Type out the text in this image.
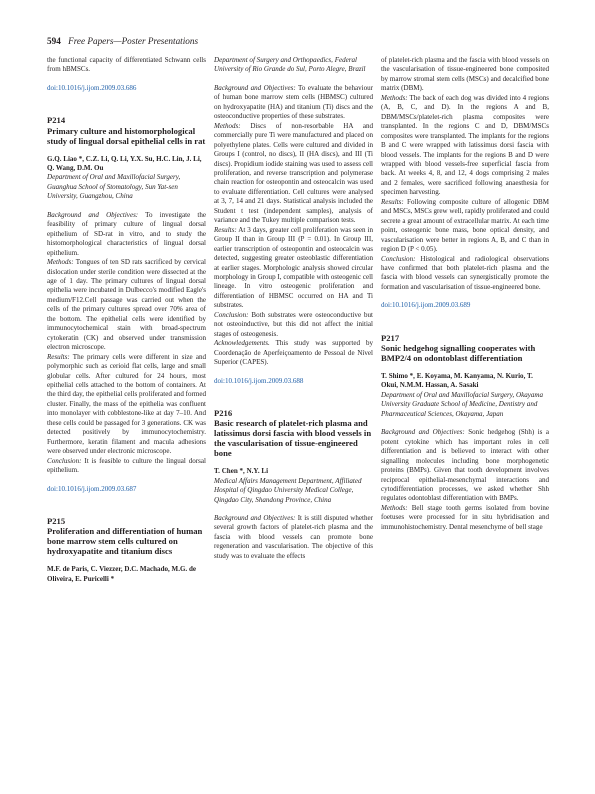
594 Free Papers—Poster Presentations

the functional capacity of differentiated Schwann cells from hBMSCs.

doi:10.1016/j.ijom.2009.03.686

P214

Primary culture and histomorphological study of lingual dorsal epithelial cells in rat

G.Q. Liao *, C.Z. Li, Q. Li, Y.X. Su, H.C. Lin, J. Li, Q. Wang, D.M. Ou

Department of Oral and Maxillofacial Surgery, Guanghua School of Stomatology, Sun Yat-sen University, Guangzhou, China

Background and Objectives: To investigate the feasibility of primary culture of lingual dorsal epithelium of SD-rat in vitro, and to study the histomorphological characteristics of lingual dorsal epithelium.

Methods: Tongues of ten SD rats sacrificed by cervical dislocation under sterile condition were dissected at the age of 1 day. The primary cultures of lingual dorsal epithelia were incubated in Dulbecco's modified Eagle's medium/F12.Cell passage was carried out when the cells of the primary cultures spread over 70% area of the bottom. The epithelial cells were identified by immunocytochemical stain with broad-spectrum cytokeratin (CK) and observed under transmission electron microscope.

Results: The primary cells were different in size and polymorphic such as cerioid flat cells, large and small globular cells. After cultured for 24 hours, most epithelial cells attached to the bottom of containers. At the third day, the epithelial cells proliferated and formed cluster. Finally, the mass of the epithelia was confluent into monolayer with cobblestone-like at day 7–10. And these cells could be passaged for 3 generations. CK was detected positively by immunocytochemistry. Furthermore, keratin filament and macula adhesions were observed under electronic microscope.

Conclusion: It is feasible to culture the lingual dorsal epithelium.

doi:10.1016/j.ijom.2009.03.687

P215

Proliferation and differentiation of human bone marrow stem cells cultured on hydroxyapatite and titanium discs

M.F. de Paris, C. Viezzer, D.C. Machado, M.G. de Oliveira, E. Puricelli *

Department of Surgery and Orthopaedics, Federal University of Rio Grande do Sul, Porto Alegre, Brazil

Background and Objectives: To evaluate the behaviour of human bone marrow stem cells (HBMSC) cultured on hydroxyapatite (HA) and titanium (Ti) discs and the osteoconductive properties of these substrates.

Methods: Discs of non-resorbable HA and commercially pure Ti were manufactured and placed on polyethylene plates. Cells were cultured and divided in Groups I (control, no discs), II (HA discs), and III (Ti discs). Propidium iodide staining was used to assess cell proliferation, and reverse transcription and polymerase chain reaction for osteopontin and osteocalcin was used to evaluate differentiation. Cell cultures were analysed at 3, 7, 14 and 21 days. Statistical analysis included the Student t test (independent samples), analysis of variance and the Tukey multiple comparison tests.

Results: At 3 days, greater cell proliferation was seen in Group II than in Group III (P = 0.01). In Group III, earlier transcription of osteopontin and osteocalcin was detected, suggesting greater osteoblastic differentiation at earlier stages. Morphologic analysis showed circular morphology in Group I, compatible with osteogenic cell lineage. In vitro osteogenic proliferation and differentiation of HBMSC occurred on HA and Ti substrates.

Conclusion: Both substrates were osteoconductive but not osteoinductive, but this did not affect the initial stages of osteogenesis.

Acknowledgements. This study was supported by Coordenação de Aperfeiçoamento de Pessoal de Nível Superior (CAPES).

doi:10.1016/j.ijom.2009.03.688

P216

Basic research of platelet-rich plasma and latissimus dorsi fascia with blood vessels in the vascularisation of tissue-engineered bone

T. Chen *, N.Y. Li

Medical Affairs Management Department, Affiliated Hospital of Qingdao University Medical College, Qingdao City, Shandong Province, China

Background and Objectives: It is still disputed whether several growth factors of platelet-rich plasma and the fascia with blood vessels can promote bone regeneration and vascularisation. The objective of this study was to evaluate the effects

of platelet-rich plasma and the fascia with blood vessels on the vascularisation of tissue-engineered bone composited by marrow stromal stem cells (MSCs) and decalcified bone matrix (DBM).

Methods: The back of each dog was divided into 4 regions (A, B, C, and D). In the regions A and B, DBM/MSCs/platelet-rich plasma composites were transplanted. In the regions C and D, DBM/MSCs composites were transplanted. The implants for the regions B and C were wrapped with latissimus dorsi fascia with blood vessels. The implants for the regions B and D were wrapped with blood vessels-free superficial fascia from back. At weeks 4, 8, and 12, 4 dogs comprising 2 males and 2 females, were sacrificed following anaesthesia for specimen harvesting.

Results: Following composite culture of allogenic DBM and MSCs, MSCs grew well, rapidly proliferated and could secrete a great amount of extracellular matrix. At each time point, osteogenic bone mass, bone optical density, and vascularisation were better in regions A, B, and C than in region D (P < 0.05).

Conclusion: Histological and radiological observations have confirmed that both platelet-rich plasma and the fascia with blood vessels can synergistically promote the formation and vascularisation of tissue-engineered bone.

doi:10.1016/j.ijom.2009.03.689

P217

Sonic hedgehog signalling cooperates with BMP2/4 on odontoblast differentiation

T. Shimo *, E. Koyama, M. Kanyama, N. Kurio, T. Okui, N.M.M. Hassan, A. Sasaki

Department of Oral and Maxillofacial Surgery, Okayama University Graduate School of Medicine, Dentistry and Pharmaceutical Sciences, Okayama, Japan

Background and Objectives: Sonic hedgehog (Shh) is a potent cytokine which has important roles in cell differentiation and is believed to interact with other signalling molecules including bone morphogenetic proteins (BMPs). Given that tooth development involves reciprocal epithelial-mesenchymal interactions and cytodifferentiation processes, we asked whether Shh regulates odontoblast differentiation with BMPs.

Methods: Bell stage tooth germs isolated from bovine foetuses were processed for in situ hybridisation and immunohistochemistry. Dental mesenchyme of bell stage
